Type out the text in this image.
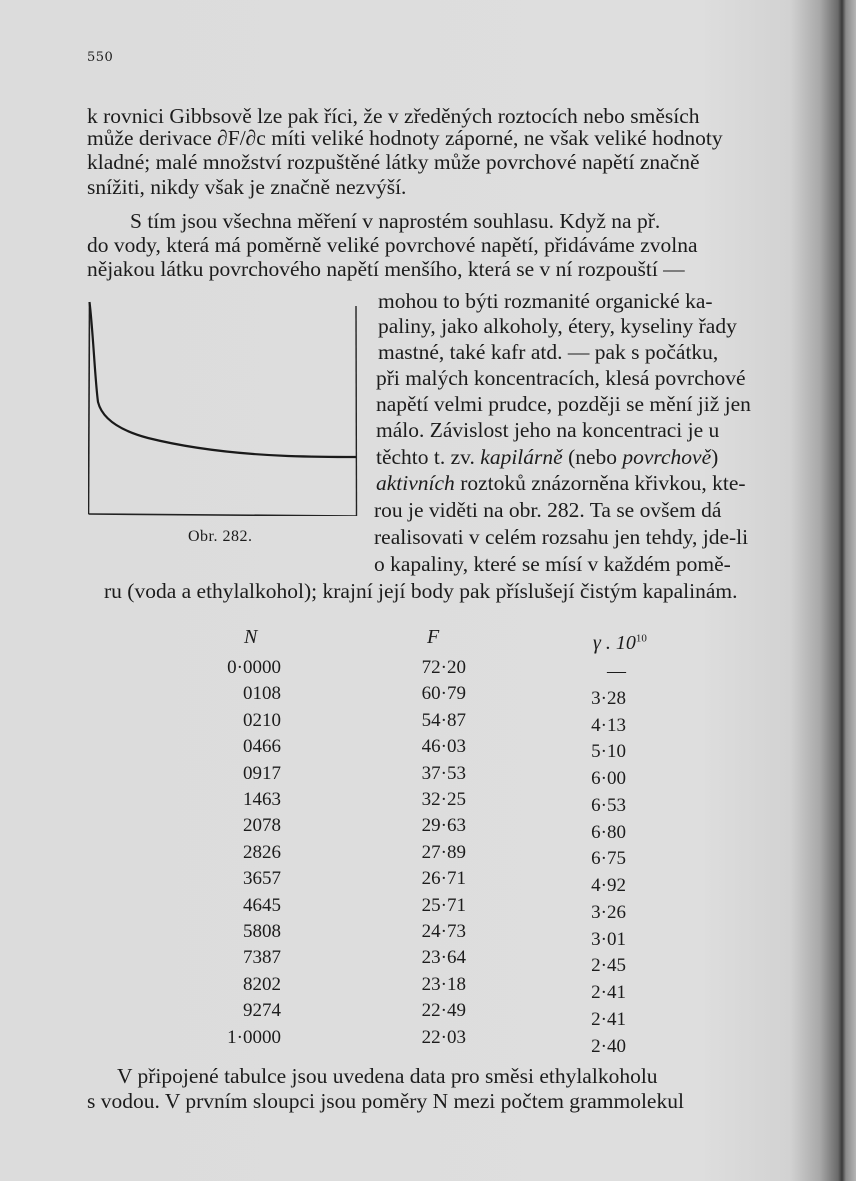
550
k rovnici Gibbsově lze pak říci, že v zředěných roztocích nebo směsích
může derivace ∂F/∂c míti veliké hodnoty záporné, ne však veliké hodnoty
kladné; malé množství rozpuštěné látky může povrchové napětí značně
snížiti, nikdy však je značně nezvýší.
S tím jsou všechna měření v naprostém souhlasu. Když na př.
do vody, která má poměrně veliké povrchové napětí, přidáváme zvolna
nějakou látku povrchového napětí menšího, která se v ní rozpouští —
mohou to býti rozmanité organické ka-
paliny, jako alkoholy, étery, kyseliny řady
mastné, také kafr atd. — pak s počátku,
při malých koncentracích, klesá povrchové
napětí velmi prudce, později se mění již jen
málo. Závislost jeho na koncentraci je u
těchto t. zv. kapilárně (nebo povrchově)
aktivních roztoků znázorněna křivkou, kte-
rou je viděti na obr. 282. Ta se ovšem dá
realisovati v celém rozsahu jen tehdy, jde-li
o kapaliny, které se mísí v každém pomě-
ru (voda a ethylalkohol); krajní její body pak příslušejí čistým kapalinám.
Obr. 282.
N	F	γ . $10^{10}$
0·0000	72·20	—
0108	60·79	3·28
0210	54·87	4·13
0466	46·03	5·10
0917	37·53	6·00
1463	32·25	6·53
2078	29·63	6·80
2826	27·89	6·75
3657	26·71	4·92
4645	25·71	3·26
5808	24·73	3·01
7387	23·64	2·45
8202	23·18	2·41
9274	22·49	2·41
1·0000	22·03	2·40
V připojené tabulce jsou uvedena data pro směsi ethylalkoholu
s vodou. V prvním sloupci jsou poměry N mezi počtem grammolekul
